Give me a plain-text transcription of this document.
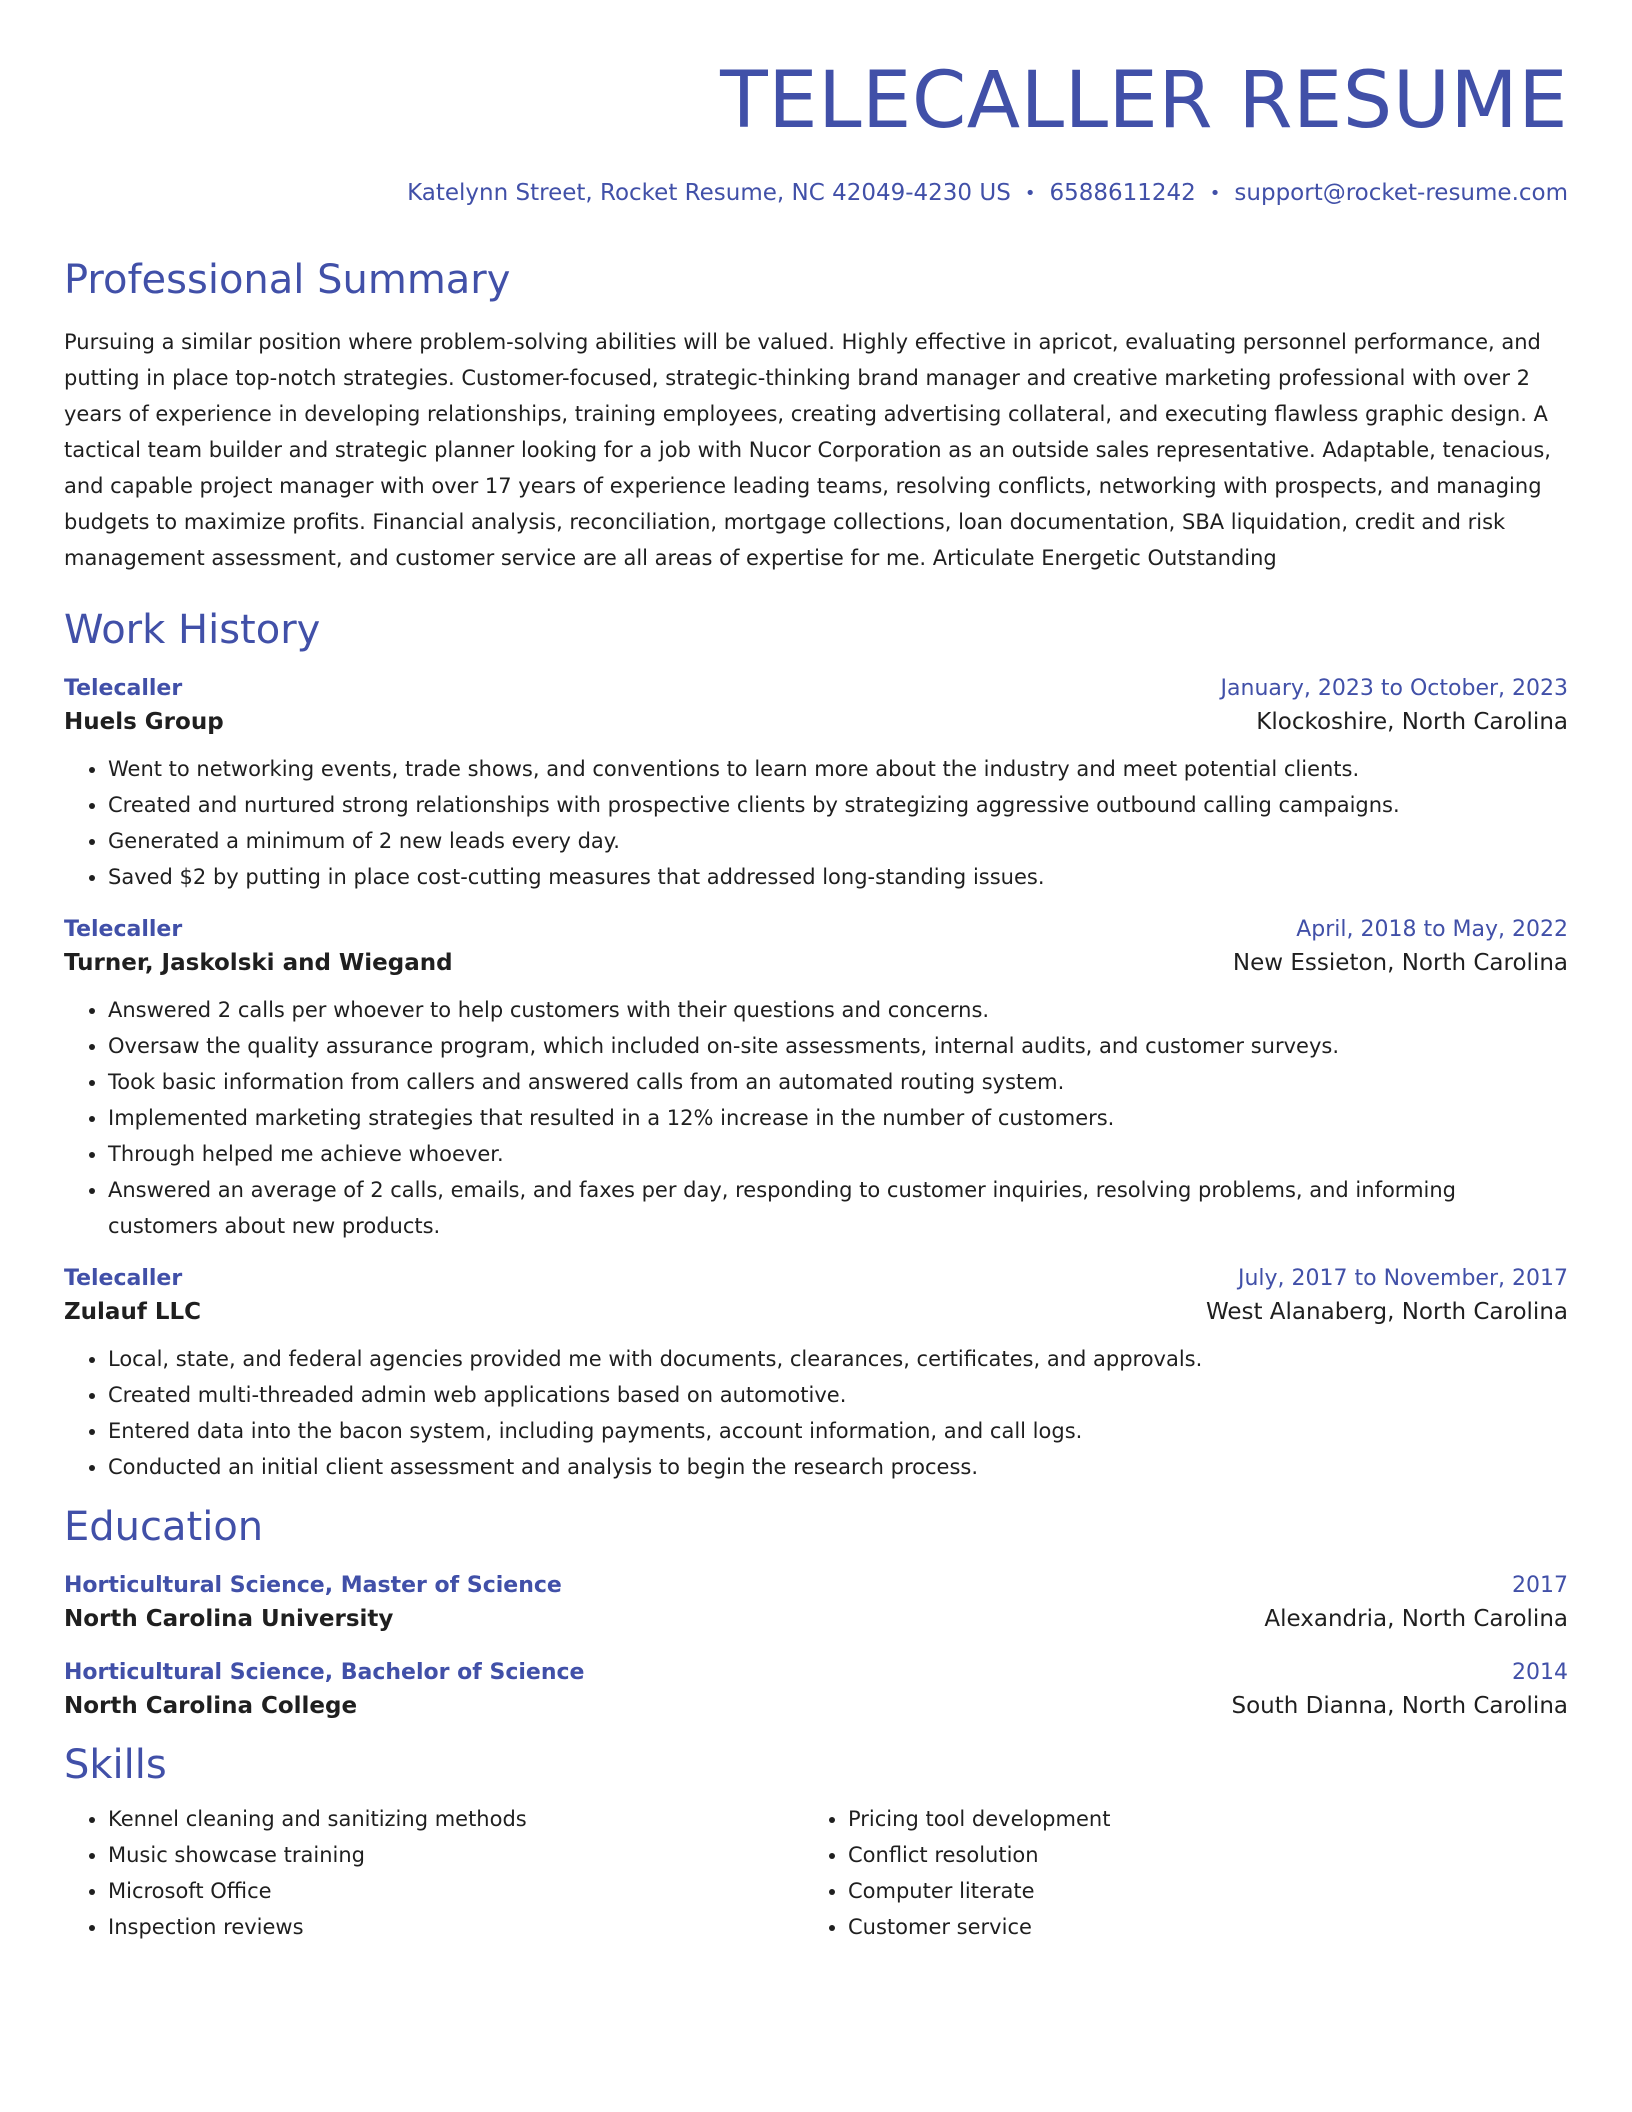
TELECALLER RESUME
Katelynn Street, Rocket Resume, NC 42049-4230 US • 6588611242 • support@rocket-resume.com
Professional Summary
Pursuing a similar position where problem-solving abilities will be valued. Highly effective in apricot, evaluating personnel performance, and putting in place top-notch strategies. Customer-focused, strategic-thinking brand manager and creative marketing professional with over 2 years of experience in developing relationships, training employees, creating advertising collateral, and executing flawless graphic design. A tactical team builder and strategic planner looking for a job with Nucor Corporation as an outside sales representative. Adaptable, tenacious, and capable project manager with over 17 years of experience leading teams, resolving conflicts, networking with prospects, and managing budgets to maximize profits. Financial analysis, reconciliation, mortgage collections, loan documentation, SBA liquidation, credit and risk management assessment, and customer service are all areas of expertise for me. Articulate Energetic Outstanding
Work History
Telecaller	January, 2023 to October, 2023
Huels Group	Klockoshire, North Carolina
• Went to networking events, trade shows, and conventions to learn more about the industry and meet potential clients.
• Created and nurtured strong relationships with prospective clients by strategizing aggressive outbound calling campaigns.
• Generated a minimum of 2 new leads every day.
• Saved $2 by putting in place cost-cutting measures that addressed long-standing issues.
Telecaller	April, 2018 to May, 2022
Turner, Jaskolski and Wiegand	New Essieton, North Carolina
• Answered 2 calls per whoever to help customers with their questions and concerns.
• Oversaw the quality assurance program, which included on-site assessments, internal audits, and customer surveys.
• Took basic information from callers and answered calls from an automated routing system.
• Implemented marketing strategies that resulted in a 12% increase in the number of customers.
• Through helped me achieve whoever.
• Answered an average of 2 calls, emails, and faxes per day, responding to customer inquiries, resolving problems, and informing customers about new products.
Telecaller	July, 2017 to November, 2017
Zulauf LLC	West Alanaberg, North Carolina
• Local, state, and federal agencies provided me with documents, clearances, certificates, and approvals.
• Created multi-threaded admin web applications based on automotive.
• Entered data into the bacon system, including payments, account information, and call logs.
• Conducted an initial client assessment and analysis to begin the research process.
Education
Horticultural Science, Master of Science	2017
North Carolina University	Alexandria, North Carolina
Horticultural Science, Bachelor of Science	2014
North Carolina College	South Dianna, North Carolina
Skills
• Kennel cleaning and sanitizing methods
• Music showcase training
• Microsoft Office
• Inspection reviews
• Pricing tool development
• Conflict resolution
• Computer literate
• Customer service
